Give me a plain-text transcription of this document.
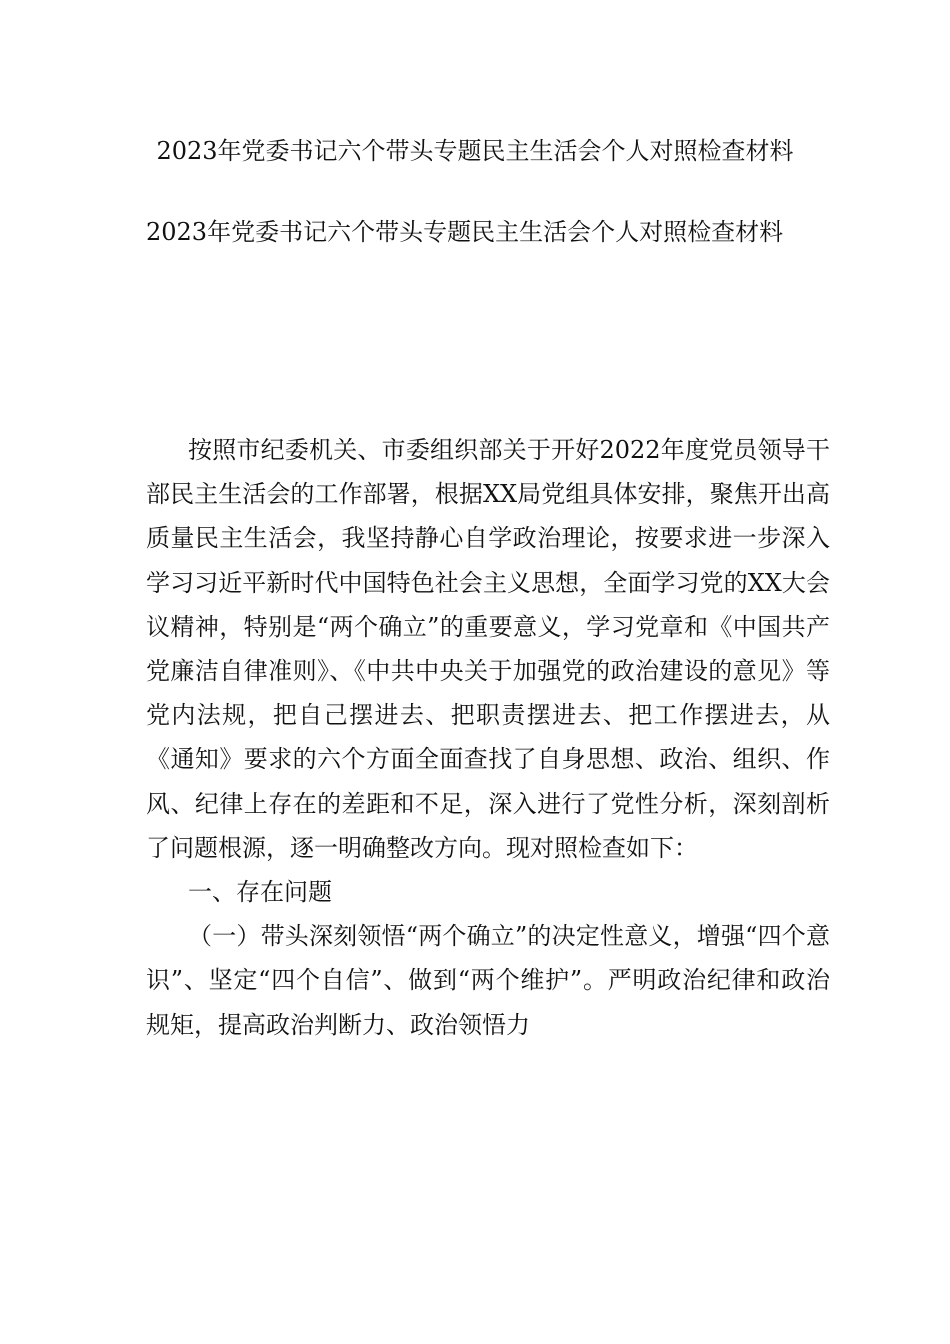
2023年党委书记六个带头专题民主生活会个人对照检查材料
2023年党委书记六个带头专题民主生活会个人对照检查材料

按照市纪委机关、市委组织部关于开好2022年度党员领导干部民主生活会的工作部署，根据XX局党组具体安排，聚焦开出高质量民主生活会，我坚持静心自学政治理论，按要求进一步深入学习习近平新时代中国特色社会主义思想，全面学习党的XX大会议精神，特别是“两个确立”的重要意义，学习党章和《中国共产党廉洁自律准则》、《中共中央关于加强党的政治建设的意见》等党内法规，把自己摆进去、把职责摆进去、把工作摆进去，从《通知》要求的六个方面全面查找了自身思想、政治、组织、作风、纪律上存在的差距和不足，深入进行了党性分析，深刻剖析了问题根源，逐一明确整改方向。现对照检查如下：

一、存在问题

（一）带头深刻领悟“两个确立”的决定性意义，增强“四个意识”、坚定“四个自信”、做到“两个维护”。严明政治纪律和政治规矩，提高政治判断力、政治领悟力
